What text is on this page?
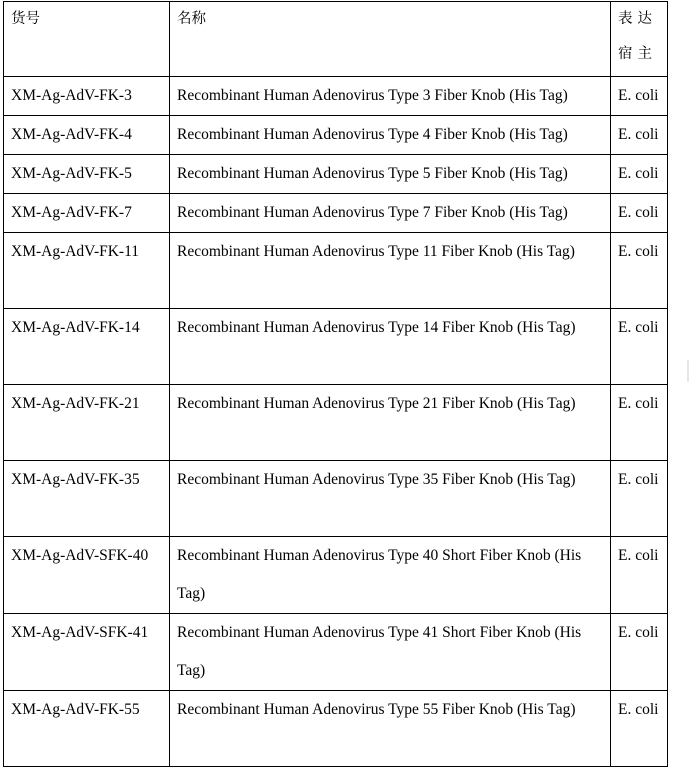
货号	名称	表达宿主
XM-Ag-AdV-FK-3	Recombinant Human Adenovirus Type 3 Fiber Knob (His Tag)	E. coli
XM-Ag-AdV-FK-4	Recombinant Human Adenovirus Type 4 Fiber Knob (His Tag)	E. coli
XM-Ag-AdV-FK-5	Recombinant Human Adenovirus Type 5 Fiber Knob (His Tag)	E. coli
XM-Ag-AdV-FK-7	Recombinant Human Adenovirus Type 7 Fiber Knob (His Tag)	E. coli
XM-Ag-AdV-FK-11	Recombinant Human Adenovirus Type 11 Fiber Knob (His Tag)	E. coli
XM-Ag-AdV-FK-14	Recombinant Human Adenovirus Type 14 Fiber Knob (His Tag)	E. coli
XM-Ag-AdV-FK-21	Recombinant Human Adenovirus Type 21 Fiber Knob (His Tag)	E. coli
XM-Ag-AdV-FK-35	Recombinant Human Adenovirus Type 35 Fiber Knob (His Tag)	E. coli
XM-Ag-AdV-SFK-40	Recombinant Human Adenovirus Type 40 Short Fiber Knob (His Tag)	E. coli
XM-Ag-AdV-SFK-41	Recombinant Human Adenovirus Type 41 Short Fiber Knob (His Tag)	E. coli
XM-Ag-AdV-FK-55	Recombinant Human Adenovirus Type 55 Fiber Knob (His Tag)	E. coli
